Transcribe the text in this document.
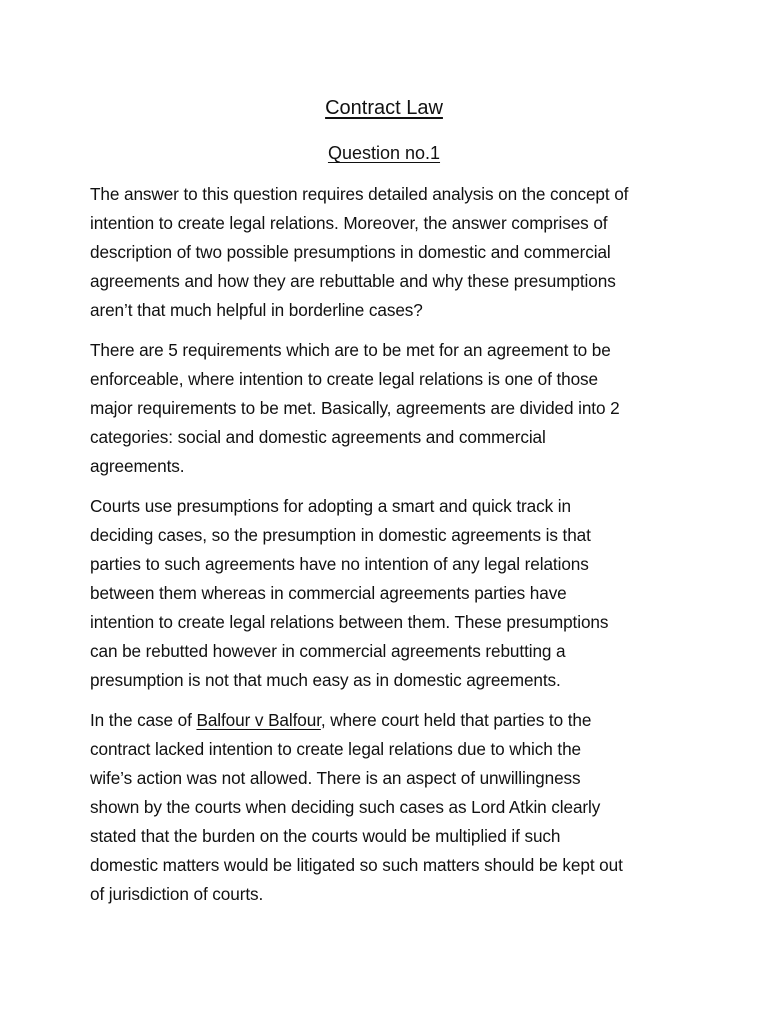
Contract Law
Question no.1

The answer to this question requires detailed analysis on the concept of
intention to create legal relations. Moreover, the answer comprises of
description of two possible presumptions in domestic and commercial
agreements and how they are rebuttable and why these presumptions
aren’t that much helpful in borderline cases?

There are 5 requirements which are to be met for an agreement to be
enforceable, where intention to create legal relations is one of those
major requirements to be met. Basically, agreements are divided into 2
categories: social and domestic agreements and commercial
agreements.

Courts use presumptions for adopting a smart and quick track in
deciding cases, so the presumption in domestic agreements is that
parties to such agreements have no intention of any legal relations
between them whereas in commercial agreements parties have
intention to create legal relations between them. These presumptions
can be rebutted however in commercial agreements rebutting a
presumption is not that much easy as in domestic agreements.

In the case of Balfour v Balfour, where court held that parties to the
contract lacked intention to create legal relations due to which the
wife’s action was not allowed. There is an aspect of unwillingness
shown by the courts when deciding such cases as Lord Atkin clearly
stated that the burden on the courts would be multiplied if such
domestic matters would be litigated so such matters should be kept out
of jurisdiction of courts.
